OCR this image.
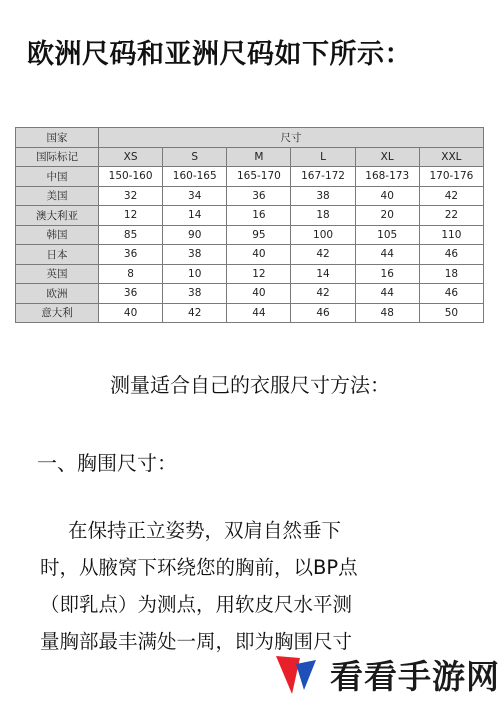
欧洲尺码和亚洲尺码如下所示：
国家	尺寸					
国际标记	XS	S	M	L	XL	XXL
中国	150-160	160-165	165-170	167-172	168-173	170-176
美国	32	34	36	38	40	42
澳大利亚	12	14	16	18	20	22
韩国	85	90	95	100	105	110
日本	36	38	40	42	44	46
英国	8	10	12	14	16	18
欧洲	36	38	40	42	44	46
意大利	40	42	44	46	48	50
测量适合自己的衣服尺寸方法：
一、胸围尺寸：
在保持正立姿势，双肩自然垂下
时，从腋窝下环绕您的胸前，以BP点
（即乳点）为测点，用软皮尺水平测
量胸部最丰满处一周，即为胸围尺寸
看看手游网
